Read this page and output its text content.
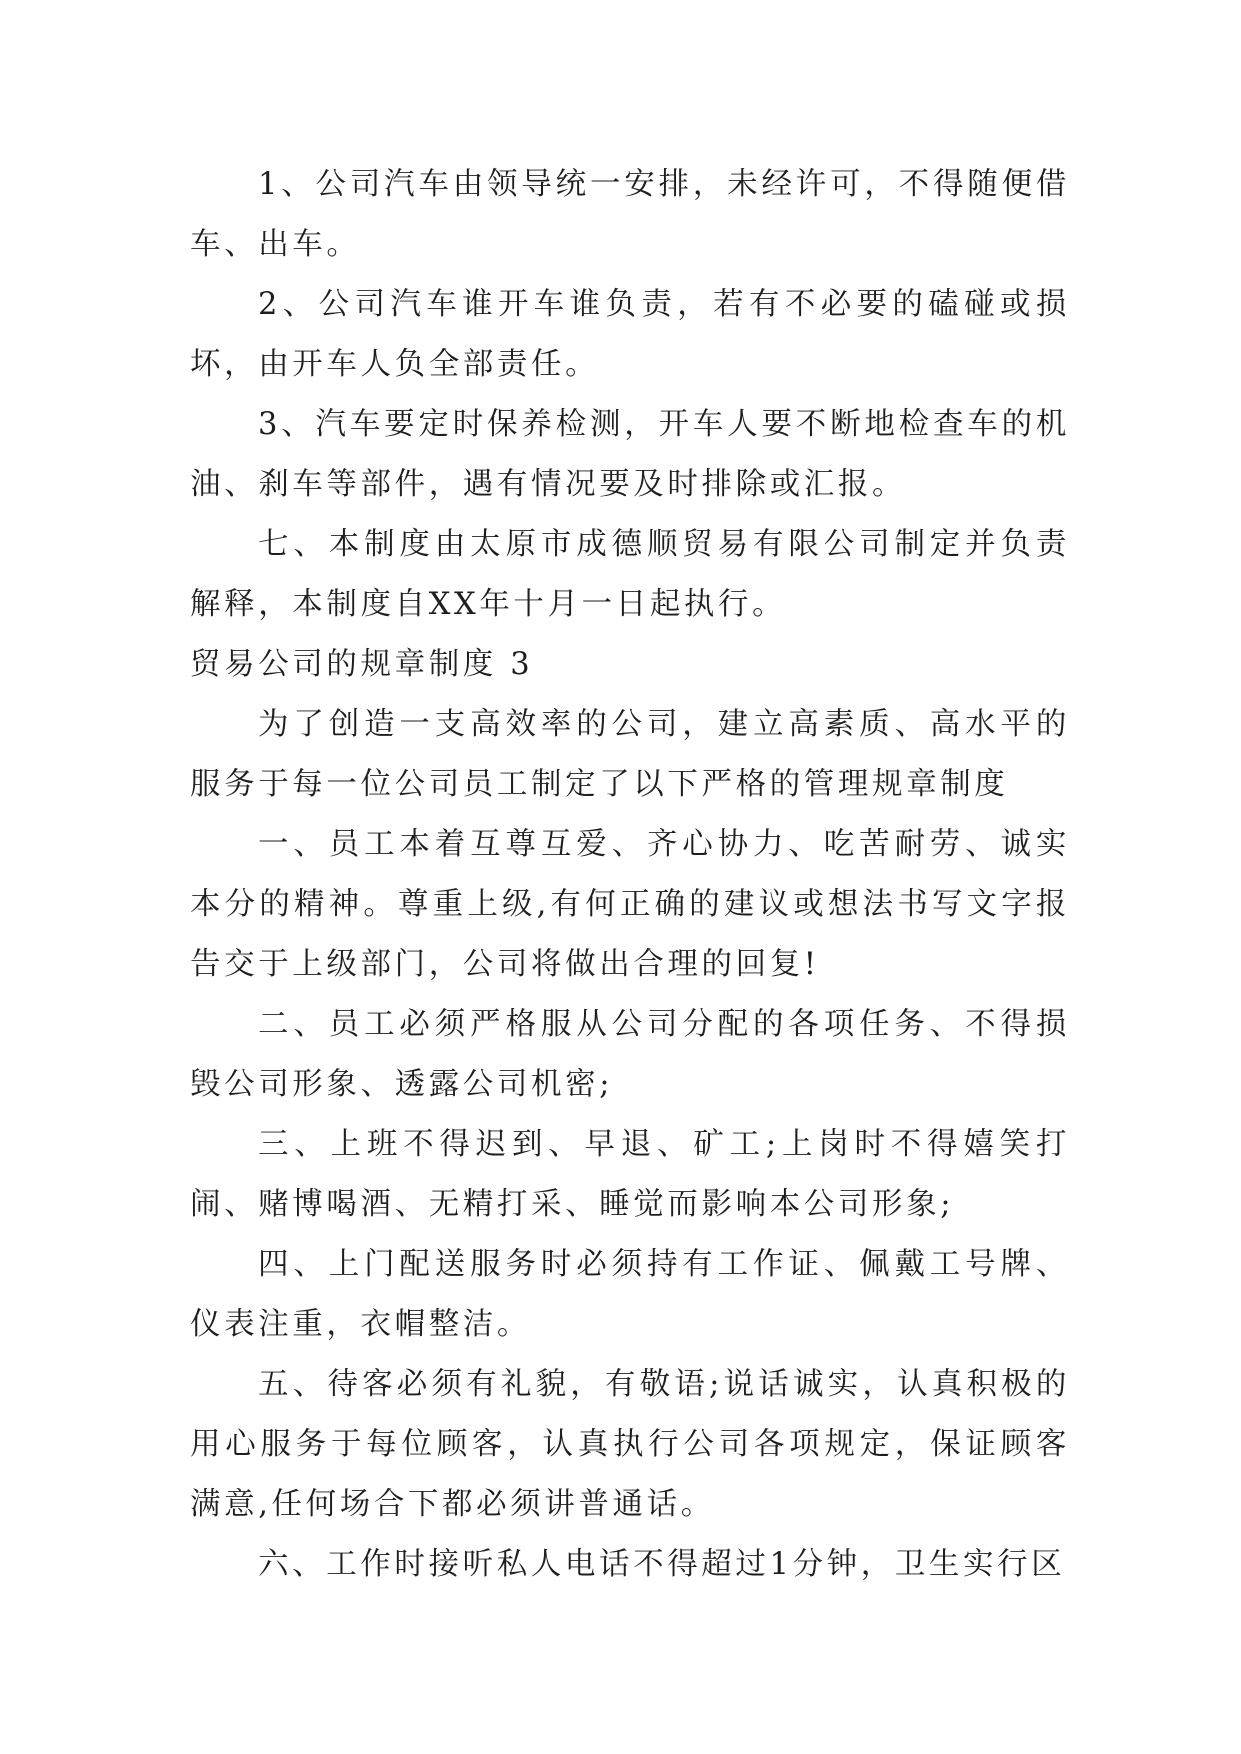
1、公司汽车由领导统一安排，未经许可，不得随便借车、出车。

2、公司汽车谁开车谁负责，若有不必要的磕碰或损坏，由开车人负全部责任。

3、汽车要定时保养检测，开车人要不断地检查车的机油、刹车等部件，遇有情况要及时排除或汇报。

七、本制度由太原市成德顺贸易有限公司制定并负责解释，本制度自XX年十月一日起执行。

贸易公司的规章制度 3

为了创造一支高效率的公司，建立高素质、高水平的服务于每一位公司员工制定了以下严格的管理规章制度

一、员工本着互尊互爱、齐心协力、吃苦耐劳、诚实本分的精神。尊重上级,有何正确的建议或想法书写文字报告交于上级部门，公司将做出合理的回复!

二、员工必须严格服从公司分配的各项任务、不得损毁公司形象、透露公司机密;

三、上班不得迟到、早退、矿工;上岗时不得嬉笑打闹、赌博喝酒、无精打采、睡觉而影响本公司形象;

四、上门配送服务时必须持有工作证、佩戴工号牌、仪表注重，衣帽整洁。

五、待客必须有礼貌，有敬语;说话诚实，认真积极的用心服务于每位顾客，认真执行公司各项规定，保证顾客满意,任何场合下都必须讲普通话。

六、工作时接听私人电话不得超过1分钟，卫生实行区
